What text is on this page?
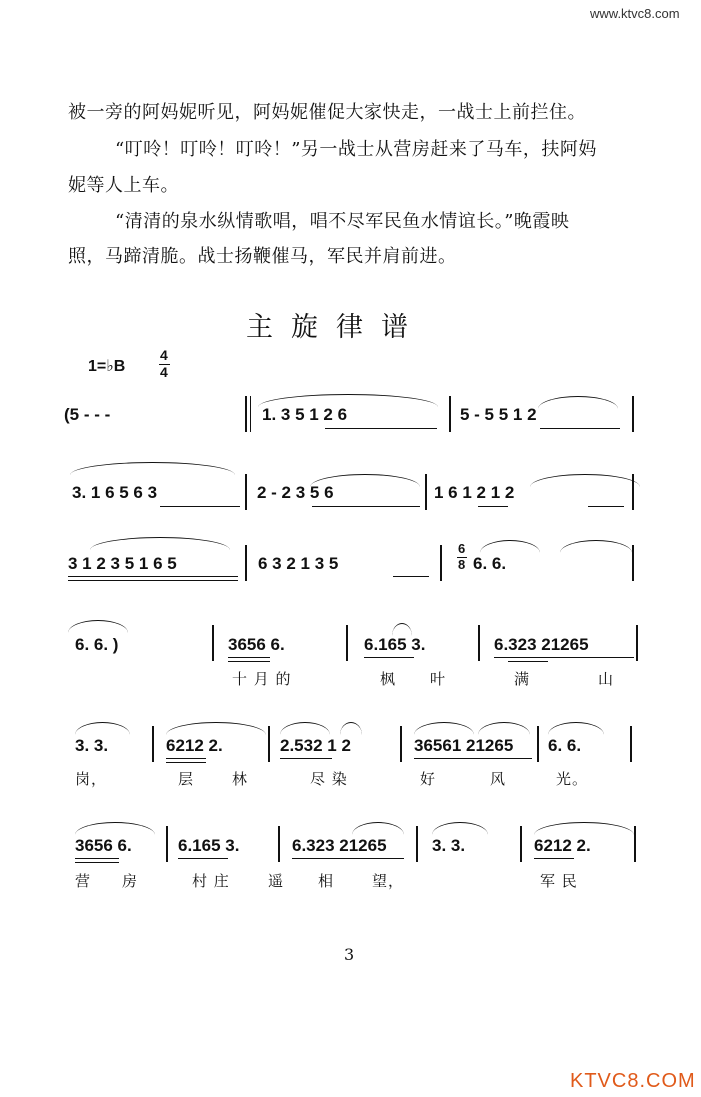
www.ktvc8.com
被一旁的阿妈妮听见，阿妈妮催促大家快走，一战士上前拦住。
“叮呤！叮呤！叮呤！”另一战士从营房赶来了马车，扶阿妈
妮等人上车。
“清清的泉水纵情歌唱，唱不尽军民鱼水情谊长。”晚霞映
照，马蹄清脆。战士扬鞭催马，军民并肩前进。
主旋律谱
1=♭B
4
4
(5 - - -	1. 3 5 1 2 6	5 - 5 5 1 2
3. 1 6 5 6 3	2 - 2 3 5 6	1 6 1 2 1 2
3 1 2 3 5 1 6 5	6 3 2 1 3 5
6
8 6. 6.
6. 6. )	3656 6.	6.165 3.	6.323 21265
十 月 的	枫 叶	满	山
3. 3.	6212 2.	2.532 1 2	36561 21265 6. 6.
岗，	层	林	尽 染	好	风	光。
3656 6.	6.165 3.	6.323 21265	3. 3.	6212 2.
营 房	村 庄	遥 相	望，	军 民
3
KTVC8.COM
